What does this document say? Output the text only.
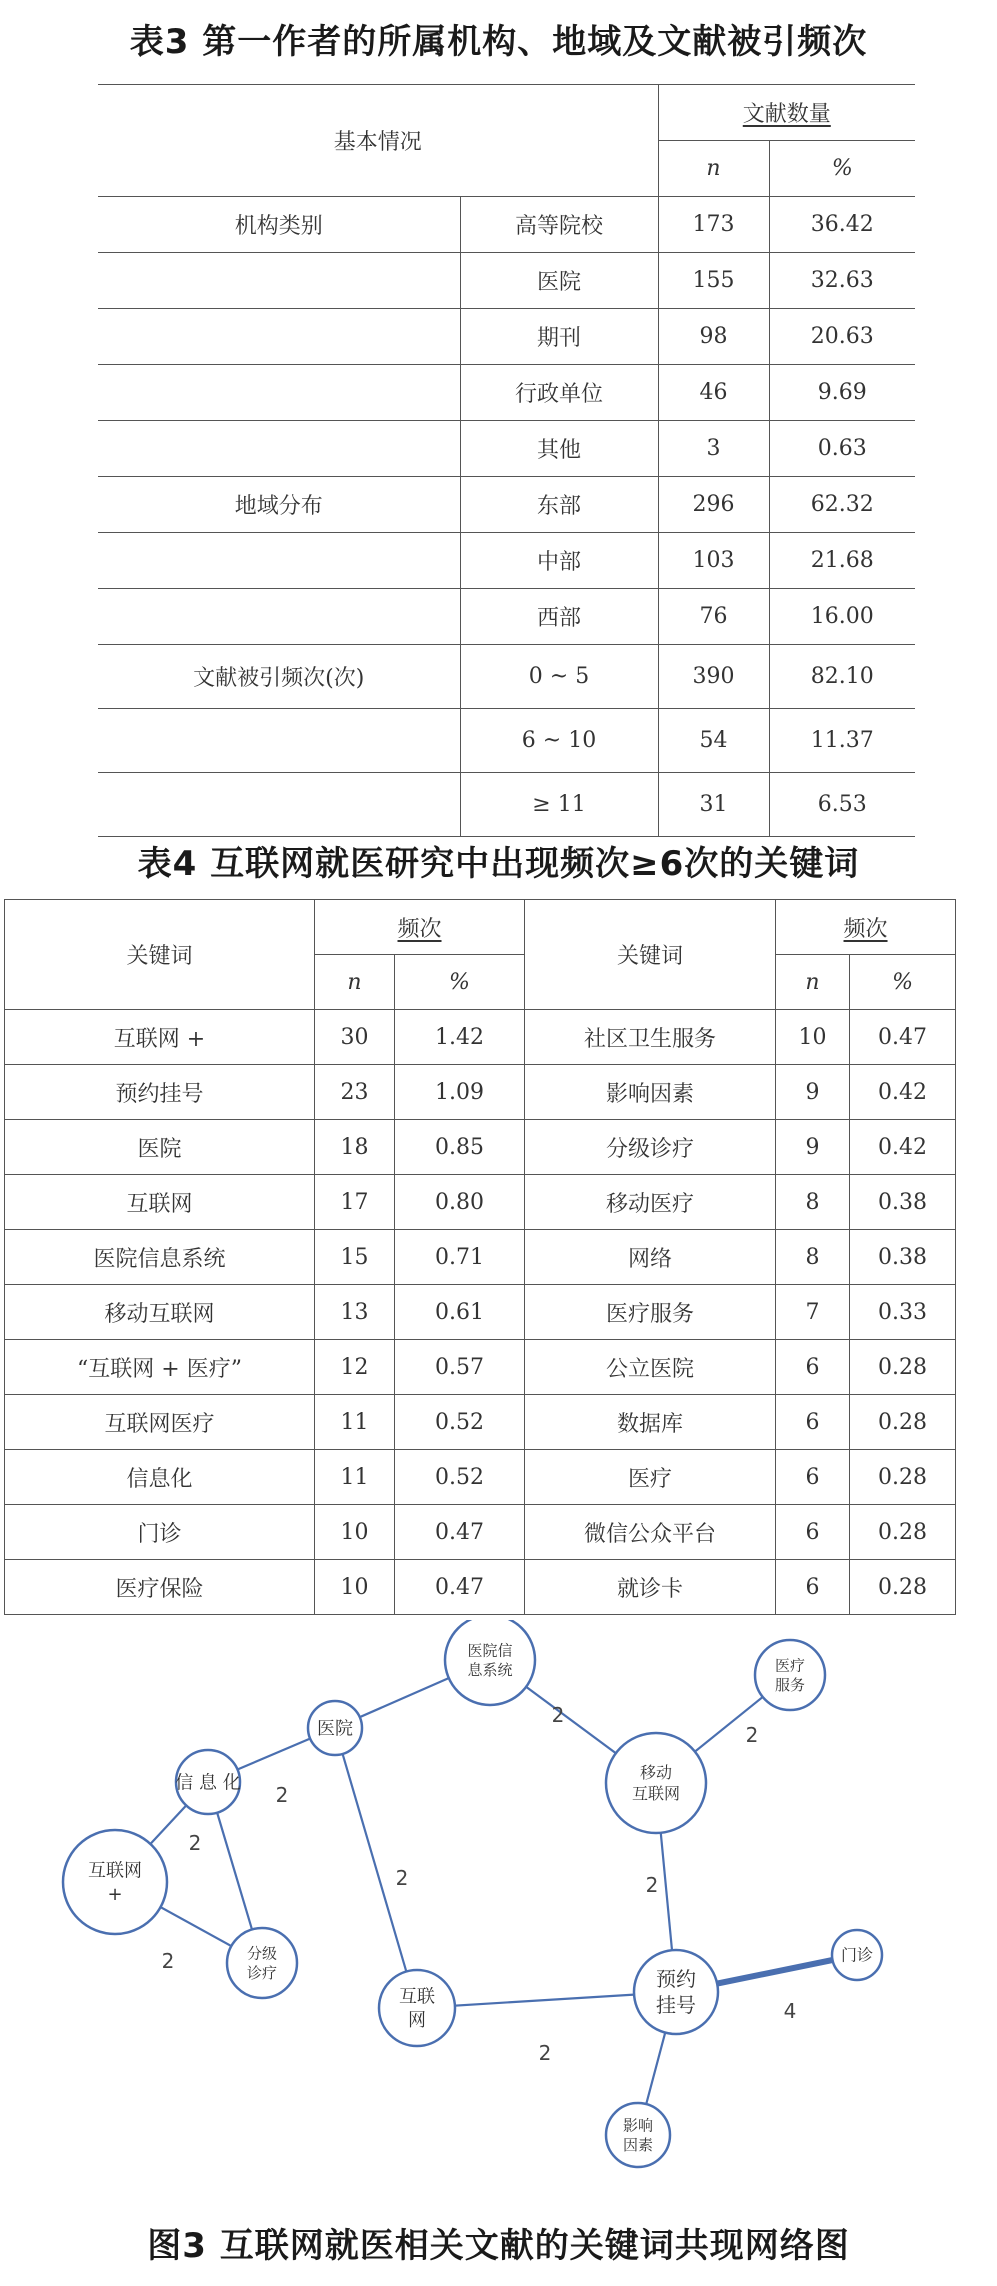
表3 第一作者的所属机构、地域及文献被引频次
基本情况		文献数量	
		n	%
机构类别	高等院校	173	36.42
	医院	155	32.63
	期刊	98	20.63
	行政单位	46	9.69
	其他	3	0.63
地域分布	东部	296	62.32
	中部	103	21.68
	西部	76	16.00
文献被引频次(次)	0 ~ 5	390	82.10
	6 ~ 10	54	11.37
	≥ 11	31	6.53
表4 互联网就医研究中出现频次≥6次的关键词
关键词	频次		关键词	频次	
	n	%		n	%
互联网 +	30	1.42	社区卫生服务	10	0.47
预约挂号	23	1.09	影响因素	9	0.42
医院	18	0.85	分级诊疗	9	0.42
互联网	17	0.80	移动医疗	8	0.38
医院信息系统	15	0.71	网络	8	0.38
移动互联网	13	0.61	医疗服务	7	0.33
“互联网 + 医疗”	12	0.57	公立医院	6	0.28
互联网医疗	11	0.52	数据库	6	0.28
信息化	11	0.52	医疗	6	0.28
门诊	10	0.47	微信公众平台	6	0.28
医疗保险	10	0.47	就诊卡	6	0.28
2
2
2
2
2
2	2
2
4
医院信
息系统	医疗
服务
医院
信 息 化	移动
互联网
互联网
+
分级
诊疗
互联
网
预约
挂号
门诊
影响
因素
图3 互联网就医相关文献的关键词共现网络图
